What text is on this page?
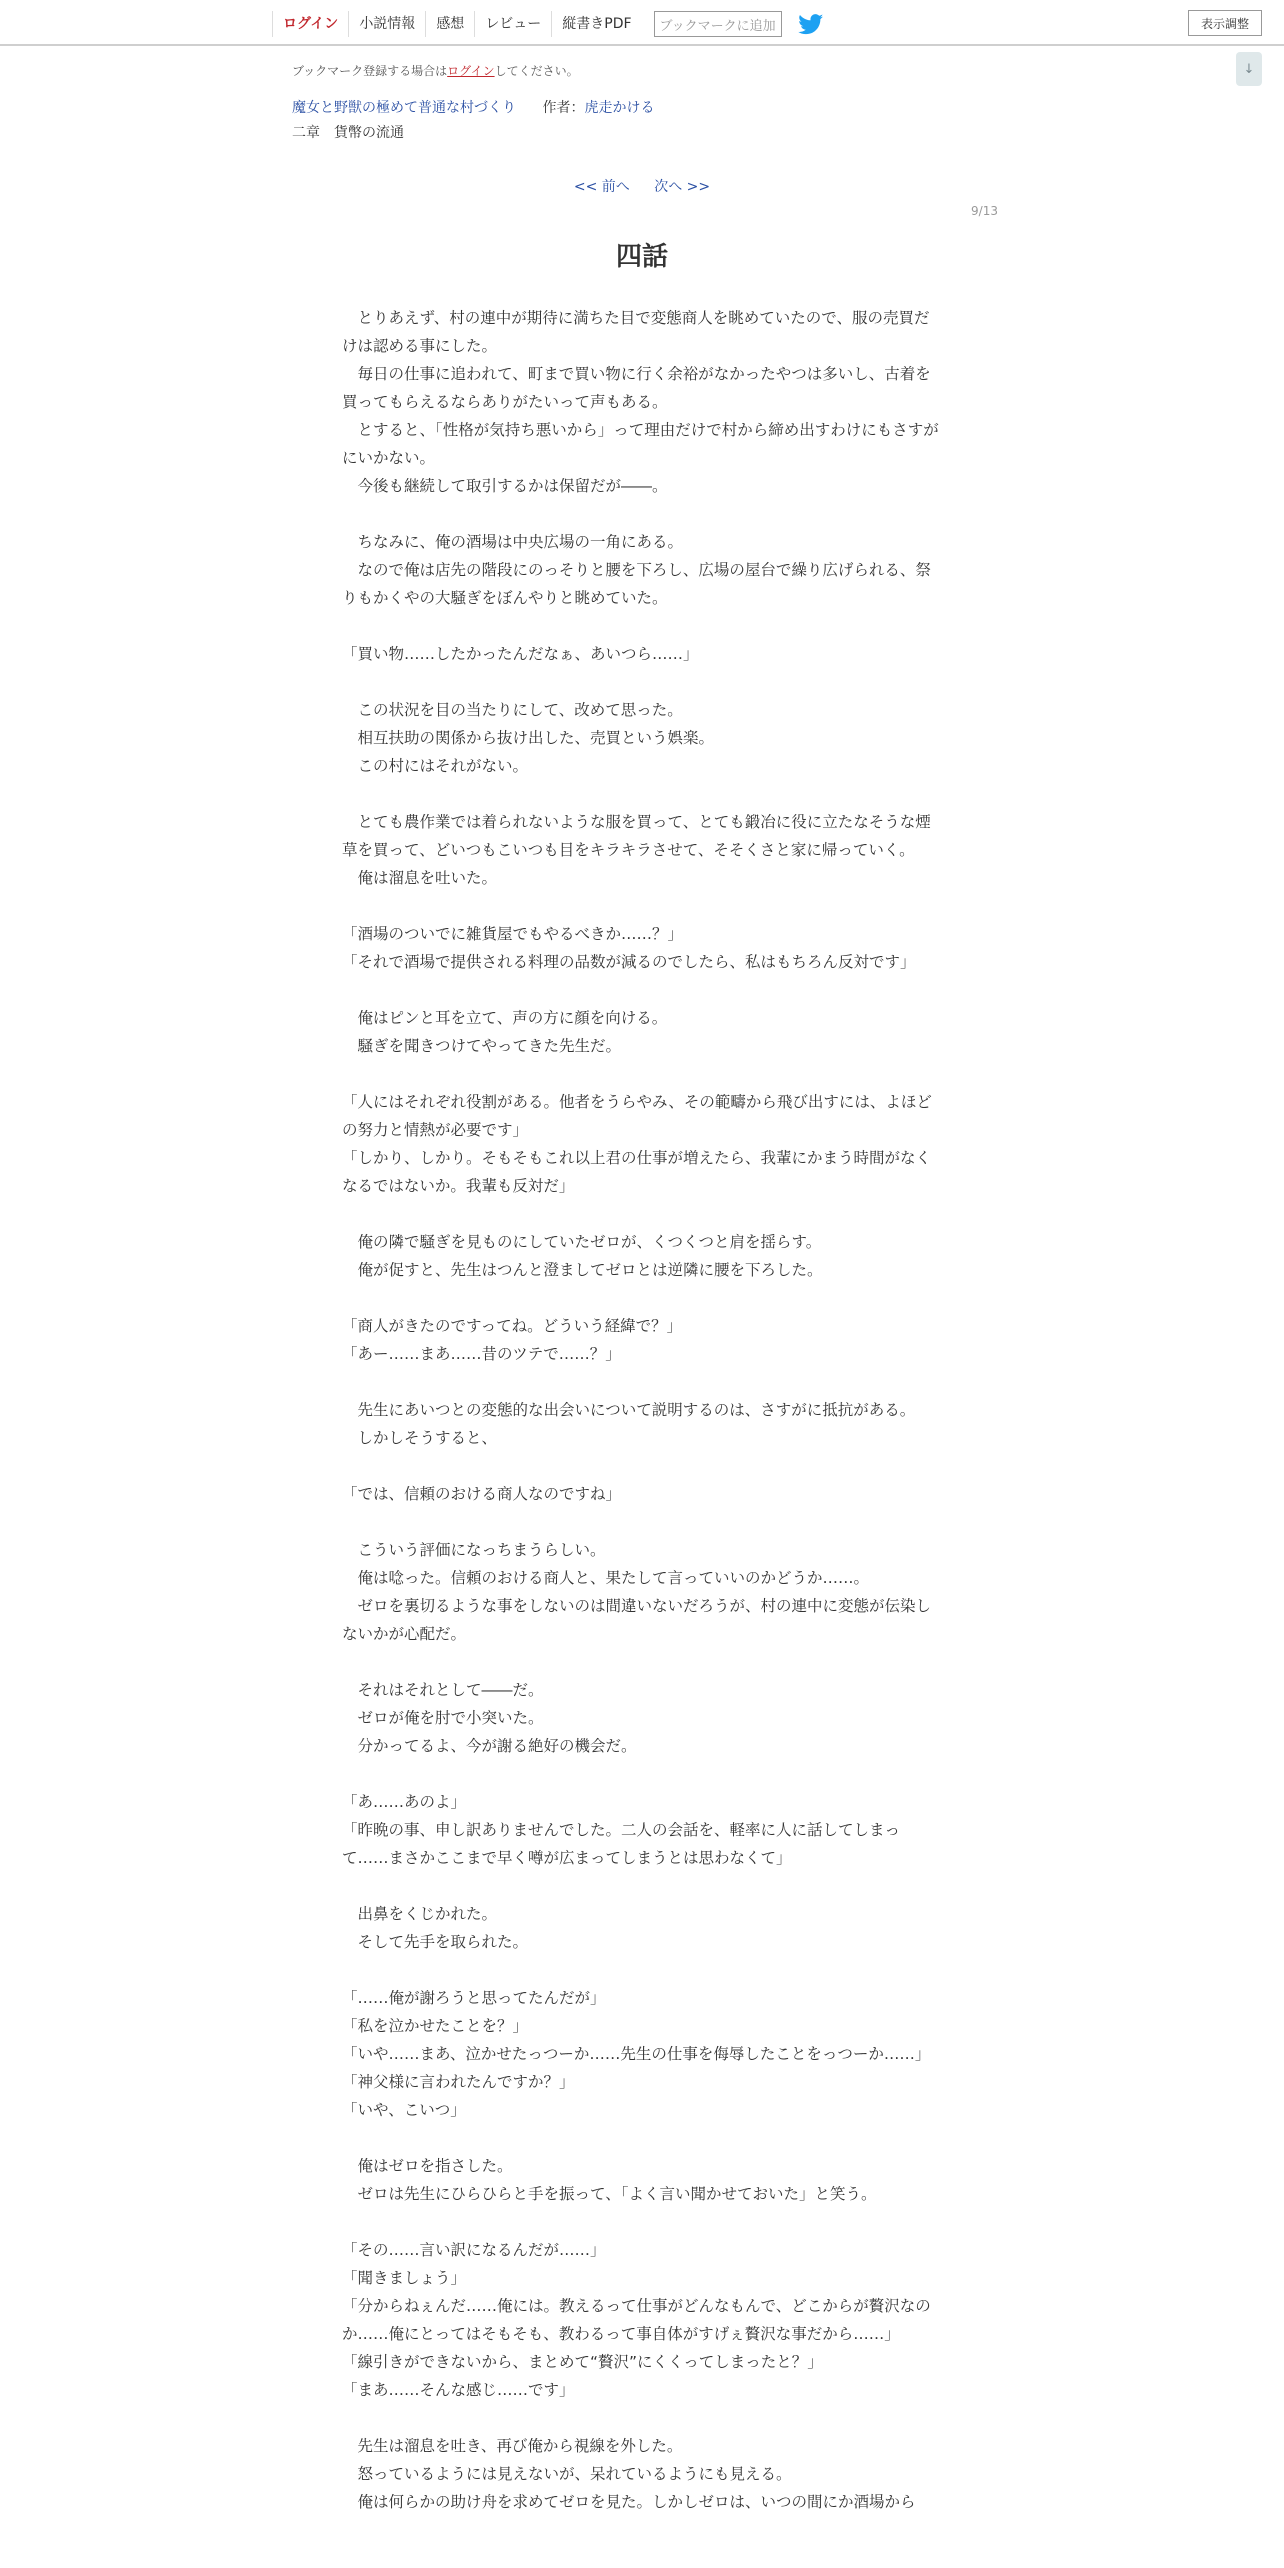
ログイン	小説情報	感想	レビュー	縦書きPDF	ブックマークに追加	表示調整
↓
ブックマーク登録する場合はログインしてください。
魔女と野獣の極めて普通な村づくり 作者：虎走かける
二章　貨幣の流通
<< 前へ 次へ >>
9/13
四話

　とりあえず、村の連中が期待に満ちた目で変態商人を眺めていたので、服の売買だけは認める事にした。

　毎日の仕事に追われて、町まで買い物に行く余裕がなかったやつは多いし、古着を買ってもらえるならありがたいって声もある。

　とすると、「性格が気持ち悪いから」って理由だけで村から締め出すわけにもさすがにいかない。

　今後も継続して取引するかは保留だが――。

　ちなみに、俺の酒場は中央広場の一角にある。

　なので俺は店先の階段にのっそりと腰を下ろし、広場の屋台で繰り広げられる、祭りもかくやの大騒ぎをぼんやりと眺めていた。

「買い物……したかったんだなぁ、あいつら……」

　この状況を目の当たりにして、改めて思った。

　相互扶助の関係から抜け出した、売買という娯楽。

　この村にはそれがない。

　とても農作業では着られないような服を買って、とても鍛冶に役に立たなそうな煙草を買って、どいつもこいつも目をキラキラさせて、そそくさと家に帰っていく。

　俺は溜息を吐いた。

「酒場のついでに雑貨屋でもやるべきか……？」

「それで酒場で提供される料理の品数が減るのでしたら、私はもちろん反対です」

　俺はピンと耳を立て、声の方に顔を向ける。

　騒ぎを聞きつけてやってきた先生だ。

「人にはそれぞれ役割がある。他者をうらやみ、その範疇から飛び出すには、よほどの努力と情熱が必要です」

「しかり、しかり。そもそもこれ以上君の仕事が増えたら、我輩にかまう時間がなくなるではないか。我輩も反対だ」

　俺の隣で騒ぎを見ものにしていたゼロが、くつくつと肩を揺らす。

　俺が促すと、先生はつんと澄ましてゼロとは逆隣に腰を下ろした。

「商人がきたのですってね。どういう経緯で？」

「あー……まあ……昔のツテで……？」

　先生にあいつとの変態的な出会いについて説明するのは、さすがに抵抗がある。

　しかしそうすると、

「では、信頼のおける商人なのですね」

　こういう評価になっちまうらしい。

　俺は唸った。信頼のおける商人と、果たして言っていいのかどうか……。

　ゼロを裏切るような事をしないのは間違いないだろうが、村の連中に変態が伝染しないかが心配だ。

　それはそれとして――だ。

　ゼロが俺を肘で小突いた。

　分かってるよ、今が謝る絶好の機会だ。

「あ……あのよ」

「昨晩の事、申し訳ありませんでした。二人の会話を、軽率に人に話してしまって……まさかここまで早く噂が広まってしまうとは思わなくて」

　出鼻をくじかれた。

　そして先手を取られた。

「……俺が謝ろうと思ってたんだが」

「私を泣かせたことを？」

「いや……まあ、泣かせたっつーか……先生の仕事を侮辱したことをっつーか……」

「神父様に言われたんですか？」

「いや、こいつ」

　俺はゼロを指さした。

　ゼロは先生にひらひらと手を振って、「よく言い聞かせておいた」と笑う。

「その……言い訳になるんだが……」

「聞きましょう」

「分からねぇんだ……俺には。教えるって仕事がどんなもんで、どこからが贅沢なのか……俺にとってはそもそも、教わるって事自体がすげぇ贅沢な事だから……」

「線引きができないから、まとめて“贅沢”にくくってしまったと？」

「まあ……そんな感じ……です」

　先生は溜息を吐き、再び俺から視線を外した。

　怒っているようには見えないが、呆れているようにも見える。

　俺は何らかの助け舟を求めてゼロを見た。しかしゼロは、いつの間にか酒場から
